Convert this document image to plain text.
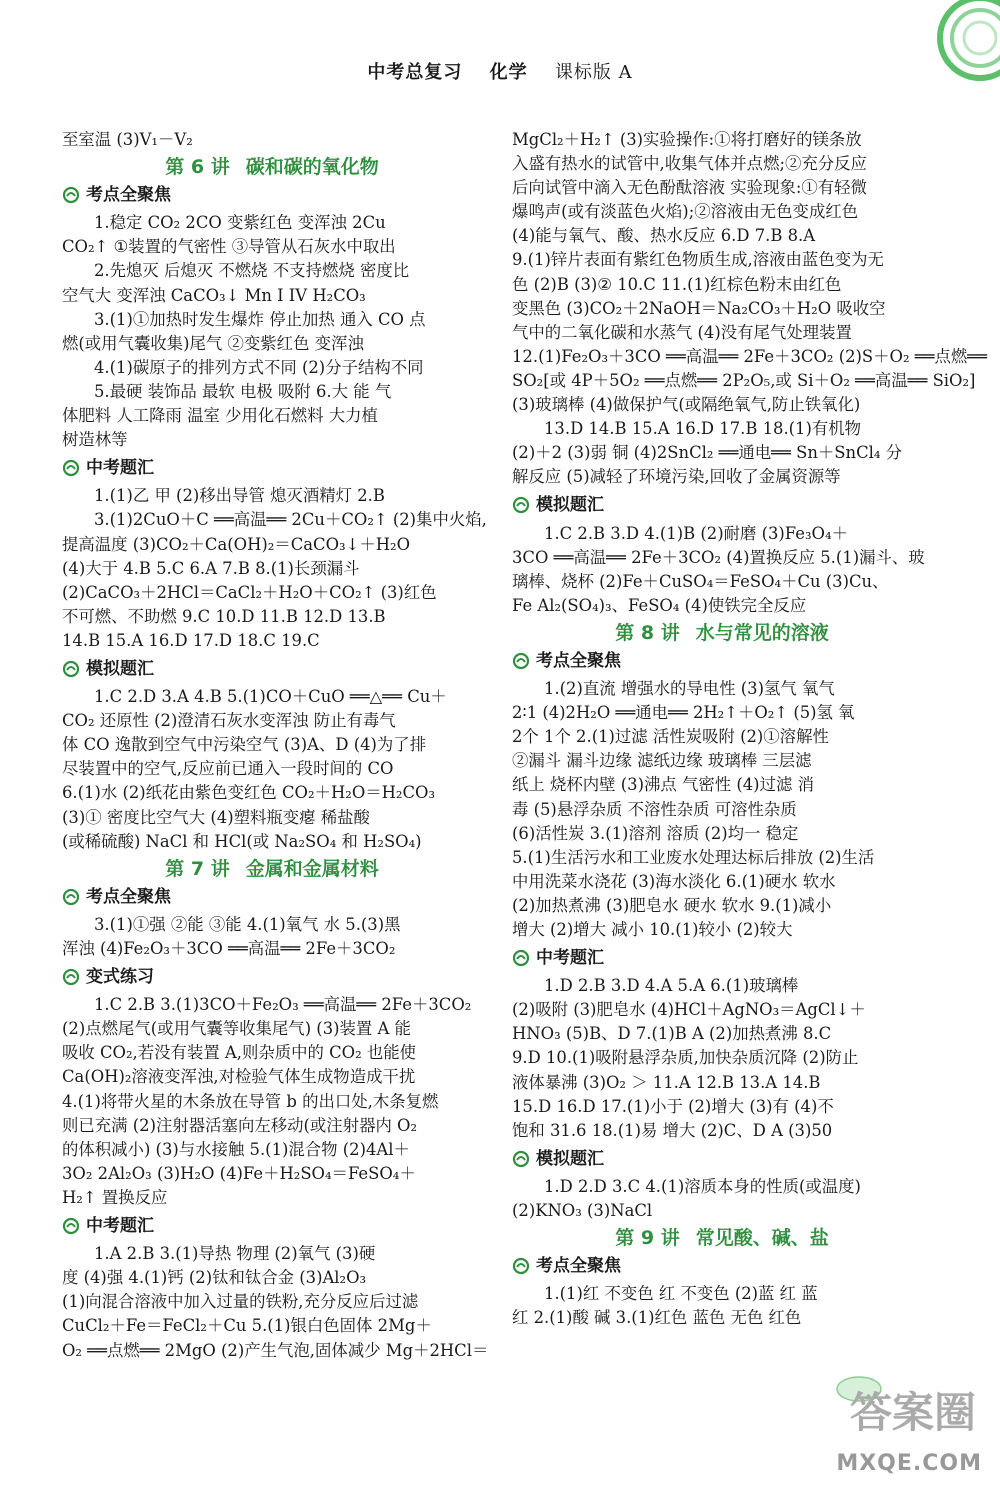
中考总复习 化学 课标版 A
至室温 (3)V₁－V₂
第 6 讲 碳和碳的氧化物
考点全聚焦
1.稳定 CO₂ 2CO 变紫红色 变浑浊 2Cu
CO₂↑ ①装置的气密性 ③导管从石灰水中取出
2.先熄灭 后熄灭 不燃烧 不支持燃烧 密度比
空气大 变浑浊 CaCO₃↓ Mn I IV H₂CO₃
3.(1)①加热时发生爆炸 停止加热 通入 CO 点
燃(或用气囊收集)尾气 ②变紫红色 变浑浊
4.(1)碳原子的排列方式不同 (2)分子结构不同
5.最硬 装饰品 最软 电极 吸附 6.大 能 气
体肥料 人工降雨 温室 少用化石燃料 大力植
树造林等
中考题汇
1.(1)乙 甲 (2)移出导管 熄灭酒精灯 2.B
3.(1)2CuO＋C ══高温══ 2Cu＋CO₂↑ (2)集中火焰,
提高温度 (3)CO₂＋Ca(OH)₂＝CaCO₃↓＋H₂O
(4)大于 4.B 5.C 6.A 7.B 8.(1)长颈漏斗
(2)CaCO₃＋2HCl＝CaCl₂＋H₂O＋CO₂↑ (3)红色
不可燃、不助燃 9.C 10.D 11.B 12.D 13.B
14.B 15.A 16.D 17.D 18.C 19.C
模拟题汇
1.C 2.D 3.A 4.B 5.(1)CO＋CuO ══△══ Cu＋
CO₂ 还原性 (2)澄清石灰水变浑浊 防止有毒气
体 CO 逸散到空气中污染空气 (3)A、D (4)为了排
尽装置中的空气,反应前已通入一段时间的 CO
6.(1)水 (2)纸花由紫色变红色 CO₂＋H₂O＝H₂CO₃
(3)① 密度比空气大 (4)塑料瓶变瘪 稀盐酸
(或稀硫酸) NaCl 和 HCl(或 Na₂SO₄ 和 H₂SO₄)
第 7 讲 金属和金属材料
考点全聚焦
3.(1)①强 ②能 ③能 4.(1)氧气 水 5.(3)黑
浑浊 (4)Fe₂O₃＋3CO ══高温══ 2Fe＋3CO₂
变式练习
1.C 2.B 3.(1)3CO＋Fe₂O₃ ══高温══ 2Fe＋3CO₂
(2)点燃尾气(或用气囊等收集尾气) (3)装置 A 能
吸收 CO₂,若没有装置 A,则杂质中的 CO₂ 也能使
Ca(OH)₂溶液变浑浊,对检验气体生成物造成干扰
4.(1)将带火星的木条放在导管 b 的出口处,木条复燃
则已充满 (2)注射器活塞向左移动(或注射器内 O₂
的体积减小) (3)与水接触 5.(1)混合物 (2)4Al＋
3O₂ 2Al₂O₃ (3)H₂O (4)Fe＋H₂SO₄＝FeSO₄＋
H₂↑ 置换反应
中考题汇
1.A 2.B 3.(1)导热 物理 (2)氧气 (3)硬
度 (4)强 4.(1)钙 (2)钛和钛合金 (3)Al₂O₃
(1)向混合溶液中加入过量的铁粉,充分反应后过滤
CuCl₂＋Fe＝FeCl₂＋Cu 5.(1)银白色固体 2Mg＋
O₂ ══点燃══ 2MgO (2)产生气泡,固体减少 Mg＋2HCl＝
MgCl₂＋H₂↑ (3)实验操作:①将打磨好的镁条放
入盛有热水的试管中,收集气体并点燃;②充分反应
后向试管中滴入无色酚酞溶液 实验现象:①有轻微
爆鸣声(或有淡蓝色火焰);②溶液由无色变成红色
(4)能与氧气、酸、热水反应 6.D 7.B 8.A
9.(1)锌片表面有紫红色物质生成,溶液由蓝色变为无
色 (2)B (3)② 10.C 11.(1)红棕色粉末由红色
变黑色 (3)CO₂＋2NaOH＝Na₂CO₃＋H₂O 吸收空
气中的二氧化碳和水蒸气 (4)没有尾气处理装置
12.(1)Fe₂O₃＋3CO ══高温══ 2Fe＋3CO₂ (2)S＋O₂ ══点燃══
SO₂[或 4P＋5O₂ ══点燃══ 2P₂O₅,或 Si＋O₂ ══高温══ SiO₂]
(3)玻璃棒 (4)做保护气(或隔绝氧气,防止铁氧化)
13.D 14.B 15.A 16.D 17.B 18.(1)有机物
(2)＋2 (3)弱 铜 (4)2SnCl₂ ══通电══ Sn＋SnCl₄ 分
解反应 (5)减轻了环境污染,回收了金属资源等
模拟题汇
1.C 2.B 3.D 4.(1)B (2)耐磨 (3)Fe₃O₄＋
3CO ══高温══ 2Fe＋3CO₂ (4)置换反应 5.(1)漏斗、玻
璃棒、烧杯 (2)Fe＋CuSO₄＝FeSO₄＋Cu (3)Cu、
Fe Al₂(SO₄)₃、FeSO₄ (4)使铁完全反应
第 8 讲 水与常见的溶液
考点全聚焦
1.(2)直流 增强水的导电性 (3)氢气 氧气
2∶1 (4)2H₂O ══通电══ 2H₂↑＋O₂↑ (5)氢 氧
2个 1个 2.(1)过滤 活性炭吸附 (2)①溶解性
②漏斗 漏斗边缘 滤纸边缘 玻璃棒 三层滤
纸上 烧杯内壁 (3)沸点 气密性 (4)过滤 消
毒 (5)悬浮杂质 不溶性杂质 可溶性杂质
(6)活性炭 3.(1)溶剂 溶质 (2)均一 稳定
5.(1)生活污水和工业废水处理达标后排放 (2)生活
中用洗菜水浇花 (3)海水淡化 6.(1)硬水 软水
(2)加热煮沸 (3)肥皂水 硬水 软水 9.(1)减小
增大 (2)增大 减小 10.(1)较小 (2)较大
中考题汇
1.D 2.B 3.D 4.A 5.A 6.(1)玻璃棒
(2)吸附 (3)肥皂水 (4)HCl＋AgNO₃＝AgCl↓＋
HNO₃ (5)B、D 7.(1)B A (2)加热煮沸 8.C
9.D 10.(1)吸附悬浮杂质,加快杂质沉降 (2)防止
液体暴沸 (3)O₂ ＞ 11.A 12.B 13.A 14.B
15.D 16.D 17.(1)小于 (2)增大 (3)有 (4)不
饱和 31.6 18.(1)易 增大 (2)C、D A (3)50
模拟题汇
1.D 2.D 3.C 4.(1)溶质本身的性质(或温度)
(2)KNO₃ (3)NaCl
第 9 讲 常见酸、碱、盐
考点全聚焦
1.(1)红 不变色 红 不变色 (2)蓝 红 蓝
红 2.(1)酸 碱 3.(1)红色 蓝色 无色 红色
答案圈
MXQE.COM
